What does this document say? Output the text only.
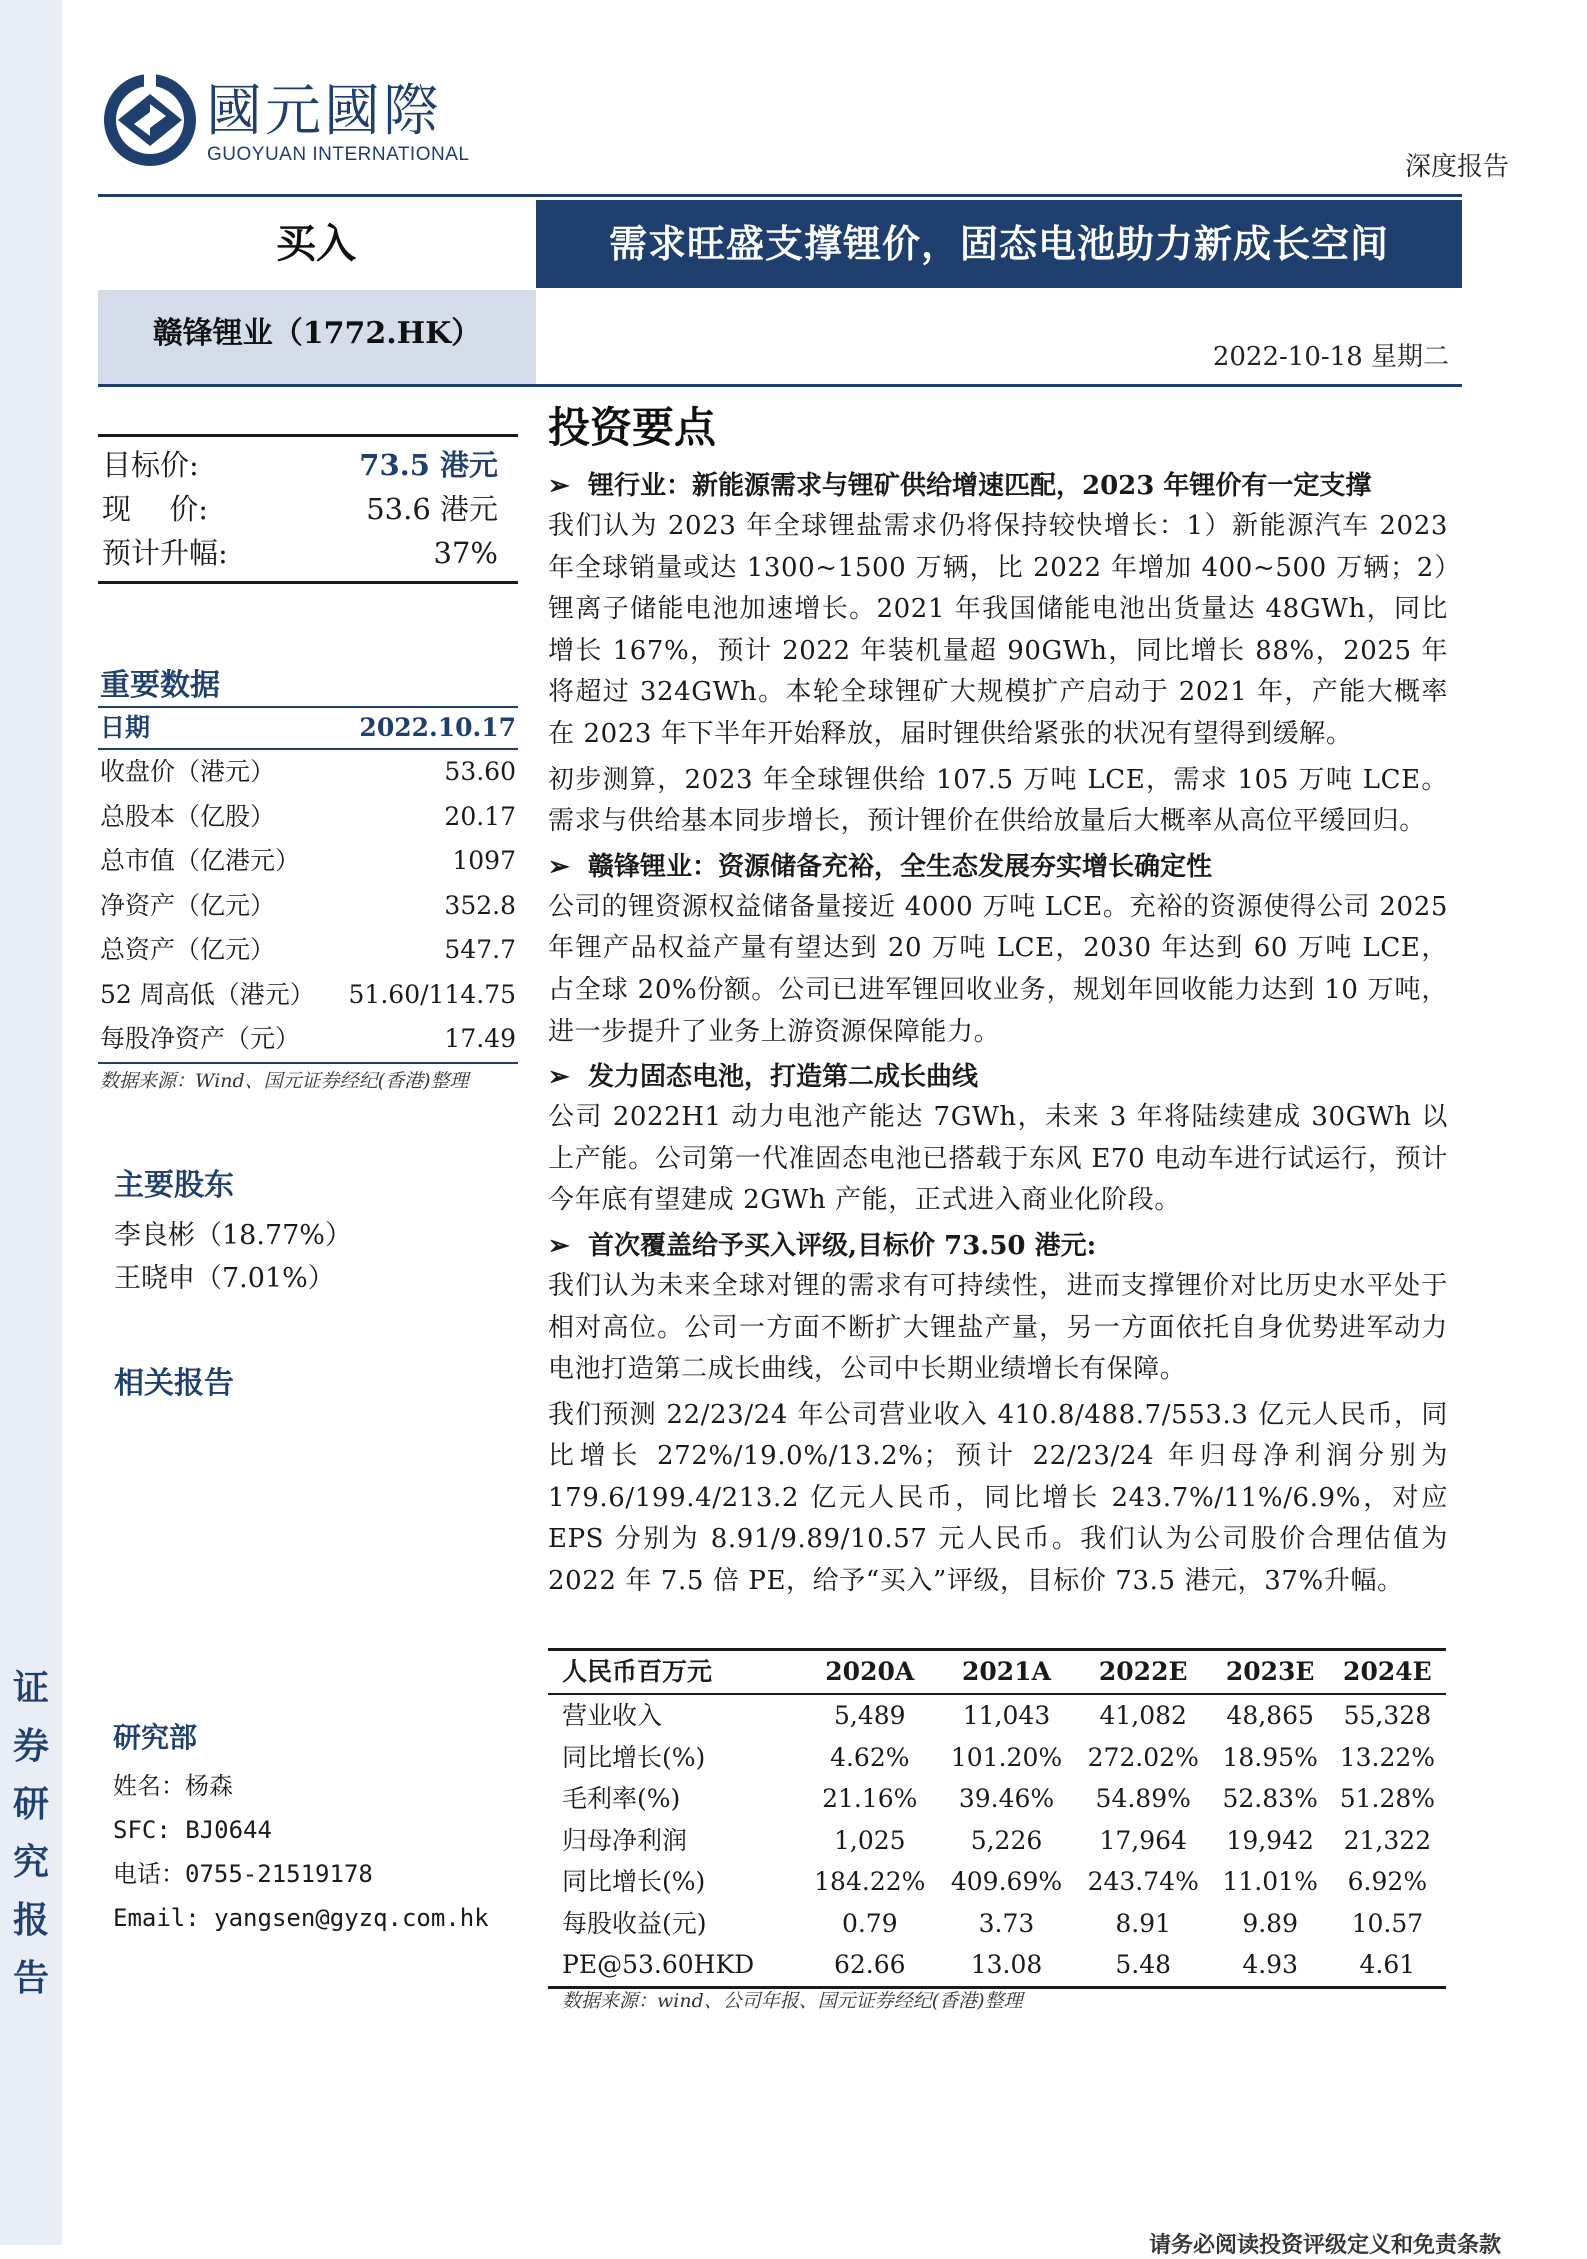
证
券
研
究
报
告
國元國際
GUOYUAN INTERNATIONAL	深度报告
买入	需求旺盛支撑锂价，固态电池助力新成长空间
赣锋锂业（1772.HK）
2022-10-18 星期二
目标价:	73.5 港元
现　 价:	53.6 港元
预计升幅:	37%
重要数据
日期	2022.10.17
收盘价（港元）	53.60
总股本（亿股）	20.17
总市值（亿港元）	1097
净资产（亿元）	352.8
总资产（亿元）	547.7
52 周高低（港元） 51.60/114.75
每股净资产（元）	17.49
数据来源：Wind、国元证券经纪(香港)整理
主要股东
李良彬（18.77%）
王晓申（7.01%）
相关报告
研究部
姓名：杨森
SFC: BJ0644
电话：0755-21519178
Email: yangsen@gyzq.com.hk
投资要点
➢ 锂行业：新能源需求与锂矿供给增速匹配，2023 年锂价有一定支撑

我们认为 2023 年全球锂盐需求仍将保持较快增长：1）新能源汽车 2023 年全球销量或达 1300~1500 万辆，比 2022 年增加 400~500 万辆；2）锂离子储能电池加速增长。2021 年我国储能电池出货量达 48GWh，同比增长 167%，预计 2022 年装机量超 90GWh，同比增长 88%，2025 年将超过 324GWh。本轮全球锂矿大规模扩产启动于 2021 年，产能大概率在 2023 年下半年开始释放，届时锂供给紧张的状况有望得到缓解。

初步测算，2023 年全球锂供给 107.5 万吨 LCE，需求 105 万吨 LCE。需求与供给基本同步增长，预计锂价在供给放量后大概率从高位平缓回归。

➢ 赣锋锂业：资源储备充裕，全生态发展夯实增长确定性

公司的锂资源权益储备量接近 4000 万吨 LCE。充裕的资源使得公司 2025 年锂产品权益产量有望达到 20 万吨 LCE，2030 年达到 60 万吨 LCE，占全球 20%份额。公司已进军锂回收业务，规划年回收能力达到 10 万吨，进一步提升了业务上游资源保障能力。

➢ 发力固态电池，打造第二成长曲线

公司 2022H1 动力电池产能达 7GWh，未来 3 年将陆续建成 30GWh 以上产能。公司第一代准固态电池已搭载于东风 E70 电动车进行试运行，预计今年底有望建成 2GWh 产能，正式进入商业化阶段。

➢ 首次覆盖给予买入评级,目标价 73.50 港元:

我们认为未来全球对锂的需求有可持续性，进而支撑锂价对比历史水平处于相对高位。公司一方面不断扩大锂盐产量，另一方面依托自身优势进军动力电池打造第二成长曲线，公司中长期业绩增长有保障。

我们预测 22/23/24 年公司营业收入 410.8/488.7/553.3 亿元人民币，同比增长 272%/19.0%/13.2%；预计 22/23/24 年归母净利润分别为 179.6/199.4/213.2 亿元人民币，同比增长 243.7%/11%/6.9%，对应 EPS 分别为 8.91/9.89/10.57 元人民币。我们认为公司股价合理估值为 2022 年 7.5 倍 PE，给予“买入”评级，目标价 73.5 港元，37%升幅。

人民币百万元	2020A	2021A	2022E	2023E	2024E
营业收入	5,489	11,043	41,082	48,865	55,328
同比增长(%)	4.62%	101.20%	272.02%	18.95%	13.22%
毛利率(%)	21.16%	39.46%	54.89%	52.83%	51.28%
归母净利润	1,025	5,226	17,964	19,942	21,322
同比增长(%)	184.22%	409.69%	243.74%	11.01%	6.92%
每股收益(元)	0.79	3.73	8.91	9.89	10.57
PE@53.60HKD	62.66	13.08	5.48	4.93	4.61
数据来源：wind、公司年报、国元证券经纪(香港)整理
请务必阅读投资评级定义和免责条款
